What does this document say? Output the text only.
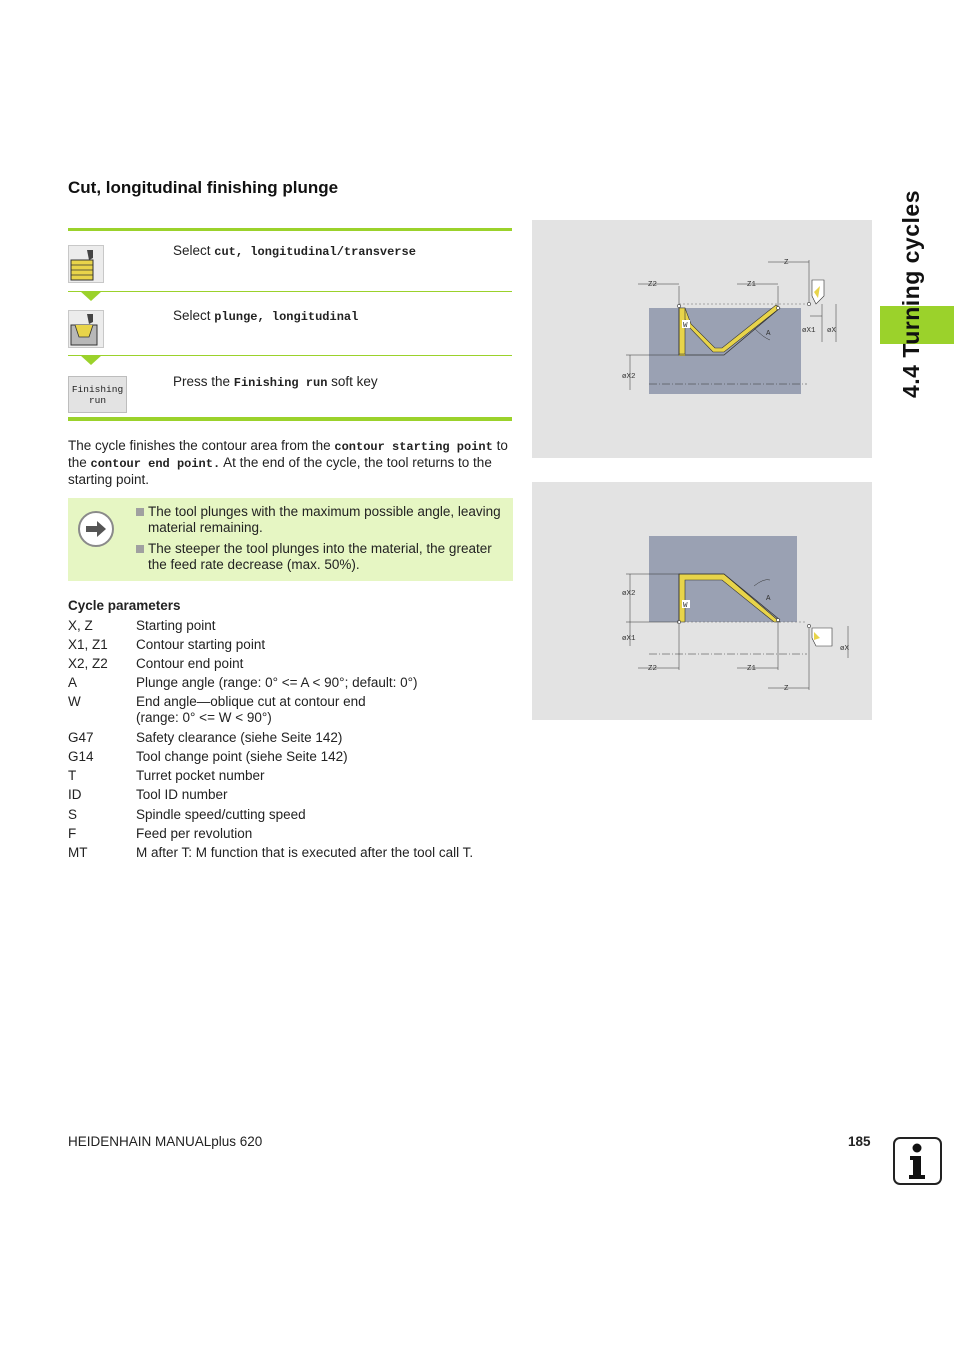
Cut, longitudinal finishing plunge
Select cut, longitudinal/transverse
Select plunge, longitudinal
Finishing
run
Press the Finishing run soft key

The cycle finishes the contour area from the contour starting point to the contour end point. At the end of the cycle, the tool returns to the starting point.

The tool plunges with the maximum possible angle, leaving material remaining.
The steeper the tool plunges into the material, the greater the feed rate decrease (max. 50%).
Cycle parameters
X, Z	Starting point
X1, Z1	Contour starting point
X2, Z2	Contour end point
A	Plunge angle (range: 0° <= A < 90°; default: 0°)
W	End angle—oblique cut at contour end
(range: 0° <= W < 90°)
G47	Safety clearance (siehe Seite 142)
G14	Tool change point (siehe Seite 142)
T	Turret pocket number
ID	Tool ID number
S	Spindle speed/cutting speed
F	Feed per revolution
MT	M after T: M function that is executed after the tool call T.
Z2	Z1
Z
øX1 øX
øX2
A
W
øX2
øX1
øX
Z2	Z1
Z
A
W
4.4 Turning cycles
HEIDENHAIN MANUALplus 620	185
